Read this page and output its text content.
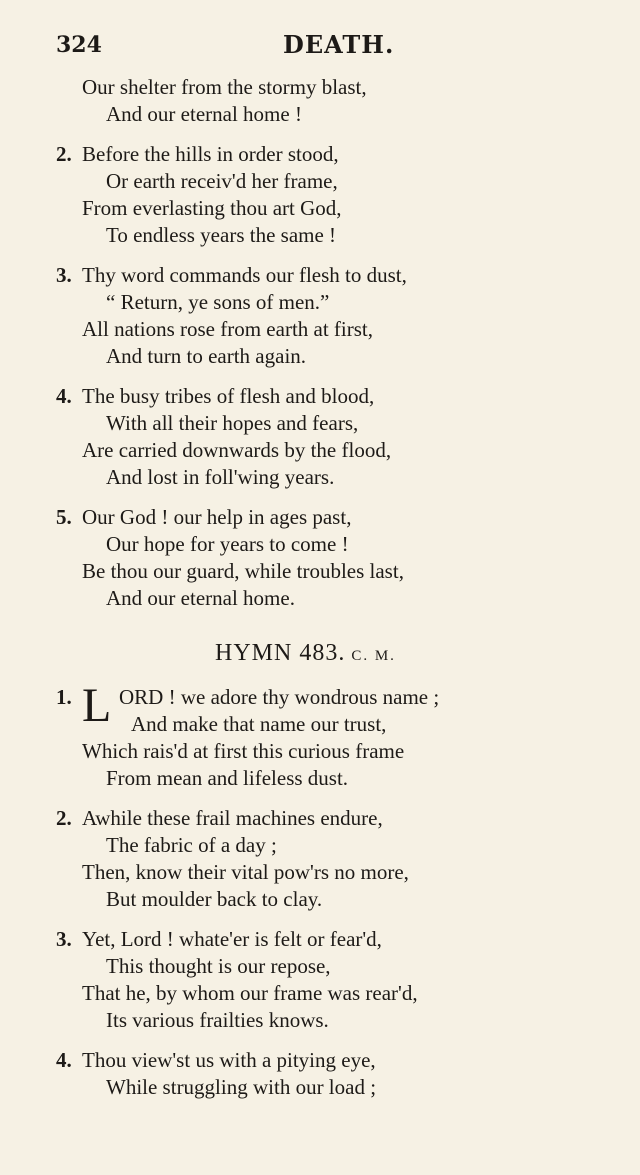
324	DEATH.
Our shelter from the stormy blast,
And our eternal home !
2. Before the hills in order stood,
Or earth receiv'd her frame,
From everlasting thou art God,
To endless years the same !
3. Thy word commands our flesh to dust,
“ Return, ye sons of men.”
All nations rose from earth at first,
And turn to earth again.
4. The busy tribes of flesh and blood,
With all their hopes and fears,
Are carried downwards by the flood,
And lost in foll'wing years.
5. Our God ! our help in ages past,
Our hope for years to come !
Be thou our guard, while troubles last,
And our eternal home.
HYMN 483. C. M.
1. L ORD ! we adore thy wondrous name ;
And make that name our trust,
Which rais'd at first this curious frame
From mean and lifeless dust.
2. Awhile these frail machines endure,
The fabric of a day ;
Then, know their vital pow'rs no more,
But moulder back to clay.
3. Yet, Lord ! whate'er is felt or fear'd,
This thought is our repose,
That he, by whom our frame was rear'd,
Its various frailties knows.
4. Thou view'st us with a pitying eye,
While struggling with our load ;
